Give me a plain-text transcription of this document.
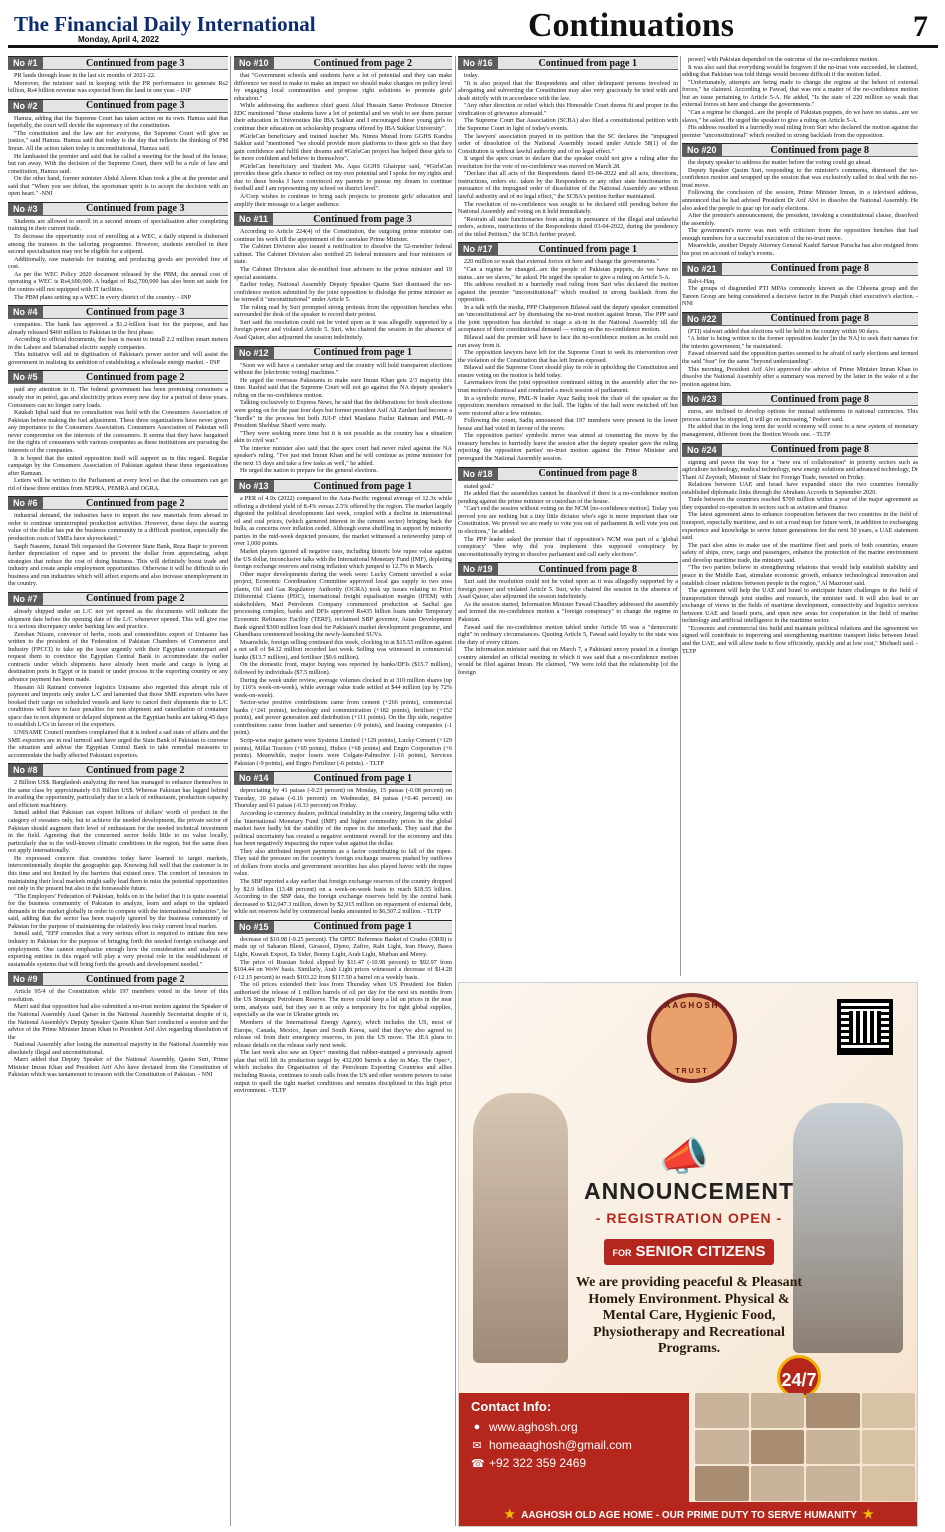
The Financial Daily International
Monday, April 4, 2022	Continuations	7
No #1	Continued from page 3

PR lands through lease in the last six months of 2021-22.

Moreover, the minister said in keeping with the PR performance to generate Rs2 billion, Rs4 billion revenue was expected from the land in one year. - INP

No #2	Continued from page 3

Hamza, adding that the Supreme Court has taken action on its own. Hamza said that hopefully, the court will decide the supremacy of the constitution.

"The constitution and the law are for everyone, the Supreme Court will give us justice," said Hamza. Hamza said that today is the day that reflects the thinking of PM Imran. All the action taken today is unconstitutional, Hamza said.

He lambasted the premier and said that he called a meeting for the head of the house, but ran away. With the decision of the Supreme Court, there will be a rule of law and constitution, Hamza said.

On the other hand, former minister Abdul Aleem Khan took a jibe at the premier and said that "When you see defeat, the sportsman spirit is to accept the decision with an open heart." -NNI

No #3	Continued from page 3

Students are allowed to enroll in a second stream of specialisation after completing training in their current trade.

To decrease the opportunity cost of enrolling at a WEC, a daily stipend is disbursed among the trainees in the tailoring programme. However, students enrolled in their second specialisation may not be eligible for a stipend.

Additionally, raw materials for training and producing goods are provided free of cost.

As per the WEC Policy 2020 document released by the PBM, the annual cost of operating a WEC is Rs4,600,000. A budget of Rs2,700,000 has also been set aside for the centres still not equipped with IT facilities.

The PBM plans setting up a WEC in every district of the country. - INP

No #4	Continued from page 3

companies. The bank has approved a $1.2-billion loan for the purpose, and has already released $460 million to Pakistan in the first phase.

According to official documents, the loan is meant to install 2.2 million smart meters in the Lahore and Islamabad electric supply companies.

This initiative will aid in digitisation of Pakistan's power sector and will assist the government in realising its ambition of establishing a wholesale energy market. - INP

No #5	Continued from page 2

paid any attention to it. The federal government has been promising consumers a steady rise in petrol, gas and electricity prices every new day for a period of three years. Consumers can no longer carry loads.

Kaukab Iqbal said that no consultation was held with the Consumers Association of Pakistan before making the fuel adjustment. These three organizations have never given any importance to the Consumers Association. Consumers Association of Pakistan will never compromise on the interests of the consumers. It seems that they have bargained for the rights of consumers with various companies as these institutions are pursuing the interests of the companies.

It is hoped that the united opposition itself will support us in this regard. Regular campaign by the Consumers Association of Pakistan against these three organizations after Ramzan.

Letters will be written to the Parliament at every level so that the consumers can get rid of these three entities from NEPRA, PEMRA and OGRA.

No #6	Continued from page 2

industrial demand, the industries have to import the raw materials from abroad in order to continue uninterrupted production activities. However, these days the soaring value of the dollar has put the business community in a difficult position, especially the production costs of SMEs have skyrocketed."

Saqib Naseem, Junaid Teli requested the Governor State Bank, Reza Baqir to prevent further depreciation of rupee and to prevent the dollar from appreciating, adopt strategies that reduce the cost of doing business. This will definitely boost trade and industry and create ample employment opportunities. Otherwise it will be difficult to do business and run industries which will affect exports and also increase unemployment in the country.

No #7	Continued from page 2

already shipped under an L/C not yet opened as the documents will indicate the shipment date before the opening date of the L/C whenever opened. This will give rise to a serious discrepancy under banking law and practice.

Zeeshan Nizam, convenor of herbs, roots and commodities export of Unisame has written to the president of the Federation of Pakistan Chambers of Commerce and Industry (FPCCI) to take up the issue urgently with their Egyptian counterpart and request them to convince the Egyptian Central Bank to accommodate the earlier contracts under which shipments have already been made and cargo is lying at destination ports in Egypt or in transit or under process in the exporting country or any advance payment has been made.

Hussain Ali Ratnani convenor logistics Unisame also regretted this abrupt rule of payment and imports only under L/C and lamented that those SME exporters who have booked their cargo on scheduled vessels and have to cancel their shipments due to L/C conditions will have to face penalties for non shipment and cancellation of container space due to non shipment or delayed shipment as the Egyptian banks are taking 45 days to establish L/Cs in favour of the exporters.

UNISAME Council members complained that it is indeed a sad state of affairs and the SME exporters are in real turmoil and have urged the State Bank of Pakistan to convene the situation and advise the Egyptian Central Bank to take remedial measures to accommodate the badly affected Pakistani exporters.

No #8	Continued from page 2

2 Billion US$. Bangladesh analyzing the need has managed to enhance themselves in the same class by approximately 0.6 Billion US$. Whereas Pakistan has lagged behind in availing the opportunity, particularly due to a lack of enthusiasm, production capacity and efficient machinery.

Ismail added that Pakistan can export billions of dollars' worth of product in the category of sweaters only, but to achieve the needed development, the private sector of Pakistan should augment their level of enthusiasm for the needed technical investment in the field. Agreeing that the concerned sector holds little to no value locally, particularly due to the well-known climatic conditions in the region, but the same does not apply internationally.

He expressed concern that countries today have learned to target markets, intercontinentally despite the geographic gap. Knowing full well that the customer is in this time and not limited by the barriers that existed once. The comfort of investors in maintaining their local markets might sadly lead them to miss the potential opportunities not only in the present but also in the foreseeable future.

"The Employers' Federation of Pakistan, holds on to the belief that it is quite essential for the business community of Pakistan to analyze, learn and adapt to the updated demands in the market globally in order to compete with the international industries", he said, adding that the sector has been majorly ignored by the business community of Pakistan for the purpose of maintaining the relatively less risky current local market.

Ismail said, "EFP concedes that a very serious effort is required to initiate this new industry in Pakistan for the purpose of bringing forth the needed foreign exchange and employment. One cannot emphasize enough how the consideration and analysis of exporting entities in this regard will play a very pivotal role in the establishment of sustainable systems that will bring forth the growth and development needed."

No #9	Continued from page 2

Article 95/4 of the Constitution while 197 members voted in the favor of this resolution.

Marri said that opposition had also submitted a no-trust motion against the Speaker of the National Assembly Asad Qaiser in the National Assembly Secretariat despite of it, the National Assembly's Deputy Speaker Qasim Khan Suri conducted a session and the advice of the Prime Minister Imran Khan to President Arif Alvi regarding dissolution of the

National Assembly after losing the numerical majority in the National Assembly was absolutely illegal and unconstitutional.

Marri added that Deputy Speaker of the National Assembly, Qasim Suri, Prime Minister Imran Khan and President Arif Alvi have deviated from the Constitution of Pakistan which was tantamount to treason with the Constitution of Pakistan. - NNI

No #10	Continued from page 2

that "Government schools and students have a lot of potential and they can make difference we need to make to make an impact we should make changes on policy level by engaging local communities and propose right solutions to promote girls' education."

While addressing the audience chief guest Altaf Hussain Samo Professor Director EDC mentioned "these students have a lot of potential and we wish to see them pursue their education in Universities like IBA Sukkur and I encouraged these young girls to continue their education on scholarship programs offered by IBA Sukkur University".

#GirlsCan beneficiary and trained teacher Ms. Nimra Murad from GGHS Kandra Sukkur said "mentioned "we should provide more platforms to these girls so that they gain confidence and fulfil their dreams and #GirlsCan project has helped these girls to be more confident and believe in themselves".

#GirlsCan beneficiary and Student Ms. Aqsa GGHS Ghairpur said, "#GirlsCan provides these girls chance to reflect on my own potential and I spoke for my rights and due to these books I have convinced my parents to pursue my dream to continue football and I am representing my school on district level".

A/Corp wishes to continue to bring such projects to promote girls' education and amplify their message to a larger audience.

No #11	Continued from page 3

According to Article 224(4) of the Constitution, the outgoing prime minister can continue his work till the appointment of the caretaker Prime Minister.

The Cabinet Division also issued a notification to dissolve the 52-member federal cabinet. The Cabinet Division also notified 25 federal ministers and four ministers of state.

The Cabinet Division also de-notified four advisers to the prime minister and 19 special assistants.

Earlier today, National Assembly Deputy Speaker Qasim Suri dismissed the no-confidence motion submitted by the joint opposition to dislodge the prime minister as he termed it "unconstitutional" under Article 5.

The ruling read by Suri prompted strong protests from the opposition benches who surrounded the desk of the speaker to record their protest.

Suri said the resolution could not be voted upon as it was allegedly supported by a foreign power and violated Article 5. Suri, who chaired the session in the absence of Asad Qaiser, also adjourned the session indefinitely.

No #12	Continued from page 1

"Soon we will have a caretaker setup and the country will hold transparent elections without the [electronic voting] machines."

He urged the overseas Pakistanis to make sure Imran Khan gets 2/3 majority this time. Rashid said that the Supreme Court will not go against the NA deputy speaker's ruling on the no-confidence motion.

Talking exclusively to Express News, he said that the deliberations for fresh elections were going on for the past four days but former president Asif Ali Zardari had become a "hurdle" in the process but both JUI-F chief Maulana Fazlur Rahman and PML-N President Shehbaz Sharif were ready.

"They were seeking more time but it is not possible as the country has a situation akin to civil war."

The interior minister also said that the apex court had never ruled against the NA speaker's ruling. "I've just met Imran Khan and he will continue as prime minister for the next 15 days and take a few tasks as well," he added.

He urged the nation to prepare for the general elections.

No #13	Continued from page 1

a PER of 4.9x (2022) compared to the Asia-Pacific regional average of 12.3x while offering a dividend yield of 8.4% versus 2.5% offered by the region. The market largely digested the political developments last week, coupled with a decline in international oil and coal prices, (which garnered interest in the cement sector) bringing back the bulls, as concerns over inflation ceded. Although some shuffling in support by minority parties in the mid-week depicted pressure, the market witnessed a noteworthy jump of over 1,000 points.

Market players ignored all negative cues, including historic low rupee value against the US dollar, inconclusive talks with the International Monetary Fund (IMF), depleting foreign exchange reserves and rising inflation which jumped to 12.7% in March.

Other major developments during the week were: Lucky Cement unveiled a solar project, Economic Coordination Committee approved local gas supply to two urea plants, Oil and Gas Regulatory Authority (OGRA) took up issues relating to Price Differential Claims (PDC), international freight equalisation margin (IFEM) with stakeholders, Mari Petroleum Company commenced production at Sachal gas processing complex, banks and DFIs approved Rs435 billion loans under Temporary Economic Refinance Facility (TERF), reclaimed SBP governor, Asian Development Bank signed $300 million loan deal for Pakistan's market development programme, and Ghandhara commenced booking the newly-launched SUVs.

Meanwhile, foreign selling continued this week, clocking in at $15.55 million against a net sell of $4.12 million recorded last week. Selling was witnessed in commercial banks ($13.7 million), and fertiliser ($0.6 million).

On the domestic front, major buying was reported by banks/DFIs ($15.7 million), followed by individuals ($7.5 million).

During the week under review, average volumes clocked in at 310 million shares (up by 116% week-on-week), while average value trade settled at $44 million (up by 72% week-on-week).

Sector-wise positive contributions came from cement (+266 points), commercial banks (+241 points), technology and communication (+182 points), fertiliser (+152 points), and power generation and distribution (+111 points). On the flip side, negative contributions came from leather and tanneries (-9 points), and leasing companies (-1 point).

Scrip-wise major gainers were Systems Limited (+129 points), Lucky Cement (+129 points), Millat Tractors (+69 points), Hubco (+68 points) and Engro Corporation (+6 points). Meanwhile, major losers were Colgate-Palmolive (-16 points), Services Pakistan (-9 points), and Engro Fertilizer (-6 points). - TLTP

No #14	Continued from page 1

depreciating by 41 paisas (-0.23 percent) on Monday, 15 paisas (-0.08 percent) on Tuesday, 30 paisas (-0.16 percent) on Wednesday, 84 paisas (+0.46 percent) on Thursday and 61 paisas (-0.33 percent) on Friday.

According to currency dealers, political instability in the country, lingering talks with the International Monetary Fund (IMF) and higher commodity prices in the global market have badly hit the stability of the rupee in the interbank. They said that the political uncertainty has created a negative sentiment overall for the economy and this has been negatively impacting the rupee value against the dollar.

They also attributed import payments as a factor contributing to fall of the rupee. They said the pressure on the country's foreign exchange reserves pushed by outflows of dollars from stocks and government securities has also played havoc with the rupee value.

The SBP reported a day earlier that foreign exchange reserves of the country dropped by $2.9 billion (13.48 percent) on a week-on-week basis to reach $18.55 billion. According to the SBP data, the foreign exchange reserves held by the central bank decreased to $12,047.3 million, down by $2,915 million on repayment of external debt, while net reserves held by commercial banks amounted to $6,507.2 million. - TLTP

No #15	Continued from page 1

decrease of $10.98 (-9.25 percent). The OPEC Reference Basket of Crudes (ORB) is made up of Saharan Blend, Girassol, Djeno, Zafiro, Rabi Light, Iran Heavy, Basra Light, Kuwait Export, Es Sider, Bonny Light, Arab Light, Murban and Merey.

The price of Russian Sokol slipped by $11.47 (-10.98 percent) to $92.97 from $104.44 on WoW basis. Similarly, Arab Light prices witnessed a decrease of $14.28 (-12.15 percent) to reach $103.22 from $117.50 a barrel on a weekly basis.

The oil prices extended their loss from Thursday when US President Joe Biden authorised the release of 1 million barrels of oil per day for the next six months from the US Strategic Petroleum Reserve. The move could keep a lid on prices in the near term, analysts said, but they see it as only a temporary fix for tight global supplies, especially as the war in Ukraine grinds on.

Members of the International Energy Agency, which includes the US, most of Europe, Canada, Mexico, Japan and South Korea, said that they've also agreed to release oil from their emergency reserves, to join the US move. The IEA plans to release details on the release early next week.

The last week also saw an Opec+ meeting that rubber-stamped a previously agreed plan that will lift its production target by 432,000 barrels a day in May. The Opec+, which includes the Organisation of the Petroleum Exporting Countries and allies including Russia, continues to snub calls from the US and other western powers to raise output to quell the tight market conditions and remains disciplined in this high price environment. - TLTP

No #16	Continued from page 1

today.

"It is also prayed that the Respondents and other delinquent persons involved in abrogating and subverting the Constitution may also very graciously be tried with and dealt strictly with in accordance with the law.

"Any other direction or relief which this Honorable Court deems fit and proper in the vindication of grievance aforesaid."

The Supreme Court Bar Association (SCBA) also filed a constitutional petition with the Supreme Court in light of today's events.

The lawyers' association prayed in its petition that the SC declares the "impugned order of dissolution of the National Assembly issued under Article 58(1) of the Constitution is without lawful authority and of no legal effect."

It urged the apex court to declare that the speaker could not give a ruling after the resolution for the vote of no-confidence was moved on March 28.

"Declare that all acts of the Respondents dated 03-04-2022 and all acts, directions, instructions, orders etc. taken by the Respondents or any other state functionaries in pursuance of the impugned order of dissolution of the National Assembly are without lawful authority and of no legal effect," the SCBA's petition further maintained.

The resolution of no-confidence was sought to be declared still pending before the National Assembly and voting on it held immediately.

"Restrain all state functionaries from acting in pursuance of the illegal and unlawful orders, actions, instructions of the Respondents dated 03-04-2022, during the pendency of the titled Petition," the SCBA further prayed.

No #17	Continued from page 1

220 million so weak that external forces sit here and change the governments."

"Can a regime be changed...are the people of Pakistan puppets, do we have no status...are we slaves," he asked. He urged the speaker to give a ruling on Article 5-A.

His address resulted in a hurriedly read ruling from Suri who declared the motion against the premier "unconstitutional" which resulted in strong backlash from the opposition.

In a talk with the media, PPP Chairperson Bilawal said the deputy speaker committed an 'unconstitutional act' by dismissing the no-trust motion against Imran. The PPP said the joint opposition has decided to stage a sit-in in the National Assembly till the acceptance of their constitutional demand — voting on the no-confidence motion.

Bilawal said the premier will have to face the no-confidence motion as he could not run away from it.

The opposition lawyers have left for the Supreme Court to seek its intervention over the violation of the Constitution that has left Imran exposed.

Bilawal said the Supreme Court should play its role in upholding the Constitution and ensure voting on the motion is held today.

Lawmakers from the joint opposition continued sitting in the assembly after the no-trust motion's dismissal and conducted a mock session of parliament.

In a symbolic move, PML-N leader Ayaz Sadiq took the chair of the speaker as the opposition members remained in the hall. The lights of the hall were switched off but were restored after a few minutes.

Following the count, Sadiq announced that 197 members were present in the lower house and had voted in favour of the move.

The opposition parties' symbolic move was aimed at countering the move by the treasury benches to hurriedly leave the session after the deputy speaker gave the ruling rejecting the opposition parties' no-trust motion against the Prime Minister and prorogued the National Assembly session.

No #18	Continued from page 8

stated goal."

He added that the assemblies cannot be dissolved if there is a no-confidence motion pending against the prime minister or custodian of the house.

"Can't end the session without voting on the NCM [no-confidence motion]. Today you proved you are nothing but a tiny little dictator who's ego is more important than our Constitution. We proved we are ready to vote you out of parliament & will vote you out in elections," he added.

The PPP leader asked the premier that if opposition's NCM was part of a 'global conspiracy' "then why did you implement this supposed conspiracy by unconstitutionally trying to dissolve parliament and call early elections".

No #19	Continued from page 8

Suri said the resolution could not be voted upon as it was allegedly supported by a foreign power and violated Article 5. Suri, who chaired the session in the absence of Asad Qaiser, also adjourned the session indefinitely.

As the session started, Information Minister Fawad Chaudhry addressed the assembly and termed the no-confidence motion a "foreign conspiracy" to change the regime in Pakistan.

Fawad said the no-confidence motion tabled under Article 95 was a "democratic right" in ordinary circumstances. Quoting Article 5, Fawad said loyalty to the state was the duty of every citizen.

The information minister said that on March 7, a Pakistani envoy posted in a foreign country attended an official meeting in which it was said that a no-confidence motion would be filed against Imran. He claimed, "We were told that the relationship [of the foreign

power] with Pakistan depended on the outcome of the no-confidence motion.

It was also said that everything would be forgiven if the no-trust vote succeeded, he claimed, adding that Pakistan was told things would become difficult if the motion failed.

"Unfortunately, attempts are being made to change the regime at the behest of external forces," he claimed. According to Fawad, that was not a matter of the no-confidence motion but an issue pertaining to Article 5-A. He added, "Is the state of 220 million so weak that external forces sit here and change the governments."

"Can a regime be changed...are the people of Pakistan puppets, do we have no status...are we slaves," he asked. He urged the speaker to give a ruling on Article 5-A.

His address resulted in a hurriedly read ruling from Suri who declared the motion against the premier "unconstitutional" which resulted in strong backlash from the opposition.

No #20	Continued from page 8

the deputy speaker to address the matter before the voting could go ahead.

Deputy Speaker Qasim Suri, responding to the minister's comments, dismissed the no-confidence motion and wrapped up the session that was exclusively called to deal with the no-trust move.

Following the conclusion of the session, Prime Minister Imran, in a televised address, announced that he had advised President Dr Arif Alvi to dissolve the National Assembly. He also asked the people to gear up for early elections.

After the premier's announcement, the president, invoking a constitutional clause, dissolved the assembly.

The government's move was met with criticism from the opposition benches that had enough numbers for a successful execution of the no-trust move.

Meanwhile, another Deputy Attorney General Kashif Sarwar Paracha has also resigned from his post on account of today's events.

No #21	Continued from page 8

Rah-i-Haq.

The groups of disgruntled PTI MPAs commonly known as the Chheena group and the Tareen Group are being considered a decisive factor in the Punjab chief executive's election. - NNI

No #22	Continued from page 8

(PTI) stalwart added that elections will be held in the country within 90 days.

"A letter is being written to the former opposition leader [in the NA] to seek their names for the interim government," he maintained.

Fawad observed said the opposition parties seemed to be afraid of early elections and termed the said "fear" for the same "beyond understanding".

This morning, President Arif Alvi approved the advice of Prime Minister Imran Khan to dissolve the National Assembly after a summary was moved by the latter in the wake of a the motion against him.

No #23	Continued from page 8

euros, are inclined to develop options for mutual settlements in national currencies. This process cannot be stopped, it will go on increasing," Peskov said.

He added that in the long term the world economy will come to a new system of monetary management, different from the Bretton Woods one. - TLTP

No #24	Continued from page 8

signing and paves the way for a "new era of collaboration" in priority sectors such as agriculture technology, medical technology, new energy solutions and advanced technology, Dr Thani Al Zeyoudi, Minister of State for Foreign Trade, tweeted on Friday.

Relations between UAE and Israel have expanded since the two countries formally established diplomatic links through the Abraham Accords in September 2020.

Trade between the countries reached $700 million within a year of the major agreement as they expanded co-operation in sectors such as aviation and finance.

The latest agreement aims to enhance cooperation between the two countries in the field of transport, especially maritime, and to set a road map for future work, in addition to exchanging experience and knowledge to serve future generations for the next 50 years, a UAE statement said.

The pact also aims to make use of the maritime fleet and ports of both countries, ensure safety of ships, crew, cargo and passengers, enhance the protection of the marine environment and develop maritime trade, the ministry said.

"The two parties believe in strengthening relations that would help establish stability and peace in the Middle East, stimulate economic growth, enhance technological innovation and establish closer relations between people in the region," Al Mazrouei said.

The agreement will help the UAE and Israel to anticipate future challenges in the field of transportation through joint studies and research, the minister said. It will also lead to an exchange of views in the fields of maritime development, connectivity and logistics services between UAE and Israeli ports, and open new areas for cooperation in the field of marine technology and artificial intelligence in the maritime sector.

"Economic and commercial ties build and maintain political relations and the agreement we signed will contribute to improving and strengthening maritime transport links between Israel and the UAE, and will allow trade to flow efficiently, quickly and at low cost," Michaeli said. - TLTP

AAGHOSH
TRUST
📣
ANNOUNCEMENT
- REGISTRATION OPEN -
FOR SENIOR CITIZENS
We are providing peaceful & Pleasant Homely Environment. Physical & Mental Care, Hygienic Food, Physiotherapy and Recreational Programs.
24/7
Contact Info:
● www.aghosh.org
✉ homeaaghosh@gmail.com
☎ +92 322 359 2469
★ AAGHOSH OLD AGE HOME - OUR PRIME DUTY TO SERVE HUMANITY ★
